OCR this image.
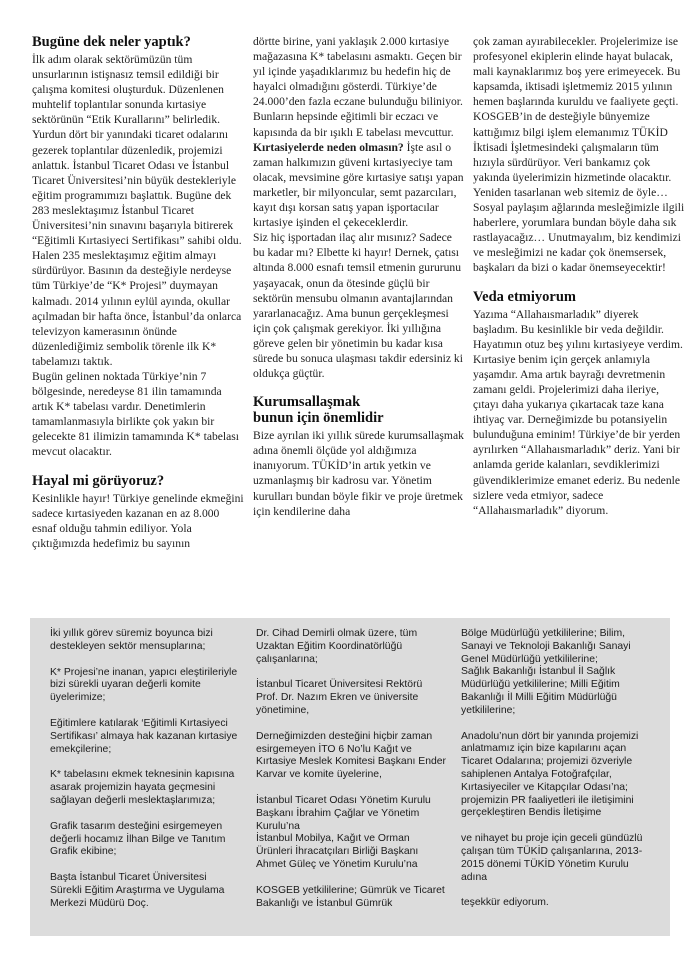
Bugüne dek neler yaptık?

İlk adım olarak sektörümüzün tüm unsurlarının istişnasız temsil edildiği bir çalışma komitesi oluşturduk. Düzenlenen muhtelif toplantılar sonunda kırtasiye sektörünün “Etik Kurallarını” belirledik. Yurdun dört bir yanındaki ticaret odalarını gezerek toplantılar düzenledik, projemizi anlattık. İstanbul Ticaret Odası ve İstanbul Ticaret Üniversitesi’nin büyük destekleriyle eğitim programımızı başlattık. Bugüne dek 283 meslektaşımız İstanbul Ticaret Üniversitesi’nin sınavını başarıyla bitirerek “Eğitimli Kırtasiyeci Sertifikası” sahibi oldu. Halen 235 meslektaşımız eğitim almayı sürdürüyor. Basının da desteğiyle nerdeyse tüm Türkiye’de “K* Projesi” duymayan kalmadı. 2014 yılının eylül ayında, okullar açılmadan bir hafta önce, İstanbul’da onlarca televizyon kamerasının önünde düzenlediğimiz sembolik törenle ilk K* tabelamızı taktık.

Bugün gelinen noktada Türkiye’nin 7 bölgesinde, neredeyse 81 ilin tamamında artık K* tabelası vardır. Denetimlerin tamamlanmasıyla birlikte çok yakın bir gelecekte 81 ilimizin tamamında K* tabelası mevcut olacaktır.

Hayal mi görüyoruz?

Kesinlikle hayır! Türkiye genelinde ekmeğini sadece kırtasiyeden kazanan en az 8.000 esnaf olduğu tahmin ediliyor. Yola çıktığımızda hedefimiz bu sayının

dörtte birine, yani yaklaşık 2.000 kırtasiye mağazasına K* tabelasını asmaktı. Geçen bir yıl içinde yaşadıklarımız bu hedefin hiç de hayalci olmadığını gösterdi. Türkiye’de 24.000’den fazla eczane bulunduğu biliniyor. Bunların hepsinde eğitimli bir eczacı ve kapısında da bir ışıklı E tabelası mevcuttur. Kırtasiyelerde neden olmasın? İşte asıl o zaman halkımızın güveni kırtasiyeciye tam olacak, mevsimine göre kırtasiye satışı yapan marketler, bir milyoncular, semt pazarcıları, kayıt dışı korsan satış yapan işportacılar kırtasiye işinden el çekeceklerdir.

Siz hiç işportadan ilaç alır mısınız? Sadece bu kadar mı? Elbette ki hayır! Dernek, çatısı altında 8.000 esnafı temsil etmenin gururunu yaşayacak, onun da ötesinde güçlü bir sektörün mensubu olmanın avantajlarından yararlanacağız. Ama bunun gerçekleşmesi için çok çalışmak gerekiyor. İki yıllığına göreve gelen bir yönetimin bu kadar kısa sürede bu sonuca ulaşması takdir edersiniz ki oldukça güçtür.

Kurumsallaşmak
bunun için önemlidir

Bize ayrılan iki yıllık sürede kurumsallaşmak adına önemli ölçüde yol aldığımıza inanıyorum. TÜKİD’in artık yetkin ve uzmanlaşmış bir kadrosu var. Yönetim kurulları bundan böyle fikir ve proje üretmek için kendilerine daha

çok zaman ayırabilecekler. Projelerimize ise profesyonel ekiplerin elinde hayat bulacak, mali kaynaklarımız boş yere erimeyecek. Bu kapsamda, iktisadi işletmemiz 2015 yılının hemen başlarında kuruldu ve faaliyete geçti. KOSGEB’in de desteğiyle bünyemize kattığımız bilgi işlem elemanımız TÜKİD İktisadi İşletmesindeki çalışmaların tüm hızıyla sürdürüyor. Veri bankamız çok yakında üyelerimizin hizmetinde olacaktır. Yeniden tasarlanan web sitemiz de öyle… Sosyal paylaşım ağlarında mesleğimizle ilgili haberlere, yorumlara bundan böyle daha sık rastlayacağız… Unutmayalım, biz kendimizi ve mesleğimizi ne kadar çok önemsersek, başkaları da bizi o kadar önemseyecektir!

Veda etmiyorum

Yazıma “Allahaısmarladık” diyerek başladım. Bu kesinlikle bir veda değildir. Hayatımın otuz beş yılını kırtasiyeye verdim. Kırtasiye benim için gerçek anlamıyla yaşamdır. Ama artık bayrağı devretmenin zamanı geldi. Projelerimizi daha ileriye, çıtayı daha yukarıya çıkartacak taze kana ihtiyaç var. Derneğimizde bu potansiyelin bulunduğuna eminim! Türkiye’de bir yerden ayrılırken “Allahaısmarladık” deriz. Yani bir anlamda geride kalanları, sevdiklerimizi güvendiklerimize emanet ederiz. Bu nedenle sizlere veda etmiyor, sadece “Allahaısmarladık” diyorum.

İki yıllık görev süremiz boyunca bizi destekleyen sektör mensuplarına;

K* Projesi’ne inanan, yapıcı eleştirileriyle bizi sürekli uyaran değerli komite üyelerimize;

Eğitimlere katılarak ‘Eğitimli Kırtasiyeci Sertifikası’ almaya hak kazanan kırtasiye emekçilerine;

K* tabelasını ekmek teknesinin kapısına asarak projemizin hayata geçmesini sağlayan değerli meslektaşlarımıza;

Grafik tasarım desteğini esirgemeyen değerli hocamız İlhan Bilge ve Tanıtım Grafik ekibine;

Başta İstanbul Ticaret Üniversitesi Sürekli Eğitim Araştırma ve Uygulama Merkezi Müdürü Doç.

Dr. Cihad Demirli olmak üzere, tüm Uzaktan Eğitim Koordinatörlüğü çalışanlarına;

İstanbul Ticaret Üniversitesi Rektörü Prof. Dr. Nazım Ekren ve üniversite yönetimine,

Derneğimizden desteğini hiçbir zaman esirgemeyen İTO 6 No’lu Kağıt ve Kırtasiye Meslek Komitesi Başkanı Ender Karvar ve komite üyelerine,

İstanbul Ticaret Odası Yönetim Kurulu Başkanı İbrahim Çağlar ve Yönetim Kurulu’na
İstanbul Mobilya, Kağıt ve Orman Ürünleri İhracatçıları Birliği Başkanı Ahmet Güleç ve Yönetim Kurulu’na

KOSGEB yetkililerine; Gümrük ve Ticaret Bakanlığı ve İstanbul Gümrük

Bölge Müdürlüğü yetkililerine; Bilim, Sanayi ve Teknoloji Bakanlığı Sanayi Genel Müdürlüğü yetkililerine;
Sağlık Bakanlığı İstanbul İl Sağlık Müdürlüğü yetkililerine; Milli Eğitim Bakanlığı İl Milli Eğitim Müdürlüğü yetkililerine;

Anadolu’nun dört bir yanında projemizi anlatmamız için bize kapılarını açan Ticaret Odalarına; projemizi özveriyle sahiplenen Antalya Fotoğrafçılar, Kırtasiyeciler ve Kitapçılar Odası’na; projemizin PR faaliyetleri ile iletişimini gerçekleştiren Bendis İletişime

ve nihayet bu proje için geceli gündüzlü çalışan tüm TÜKİD çalışanlarına, 2013-2015 dönemi TÜKİD Yönetim Kurulu adına

teşekkür ediyorum.
